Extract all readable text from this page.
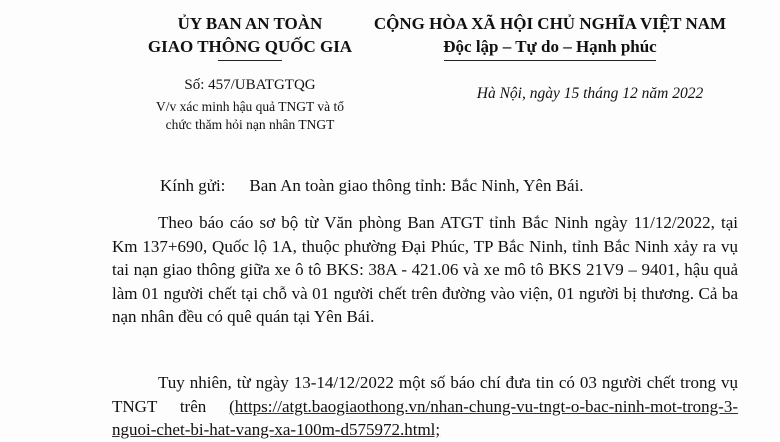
ỦY BAN AN TOÀN
GIAO THÔNG QUỐC GIA
CỘNG HÒA XÃ HỘI CHỦ NGHĨA VIỆT NAM
Độc lập – Tự do – Hạnh phúc
Số: 457/UBATGTQG
V/v xác minh hậu quả TNGT và tổ
chức thăm hỏi nạn nhân TNGT
Hà Nội, ngày 15 tháng 12 năm 2022
Kính gửi: Ban An toàn giao thông tỉnh: Bắc Ninh, Yên Bái.
Theo báo cáo sơ bộ từ Văn phòng Ban ATGT tỉnh Bắc Ninh ngày 11/12/2022, tại Km 137+690, Quốc lộ 1A, thuộc phường Đại Phúc, TP Bắc Ninh, tỉnh Bắc Ninh xảy ra vụ tai nạn giao thông giữa xe ô tô BKS: 38A - 421.06 và xe mô tô BKS 21V9 – 9401, hậu quả làm 01 người chết tại chỗ và 01 người chết trên đường vào viện, 01 người bị thương. Cả ba nạn nhân đều có quê quán tại Yên Bái.
Tuy nhiên, từ ngày 13-14/12/2022 một số báo chí đưa tin có 03 người chết trong vụ TNGT trên (https://atgt.baogiaothong.vn/nhan-chung-vu-tngt-o-bac-ninh-mot-trong-3-nguoi-chet-bi-hat-vang-xa-100m-d575972.html;
